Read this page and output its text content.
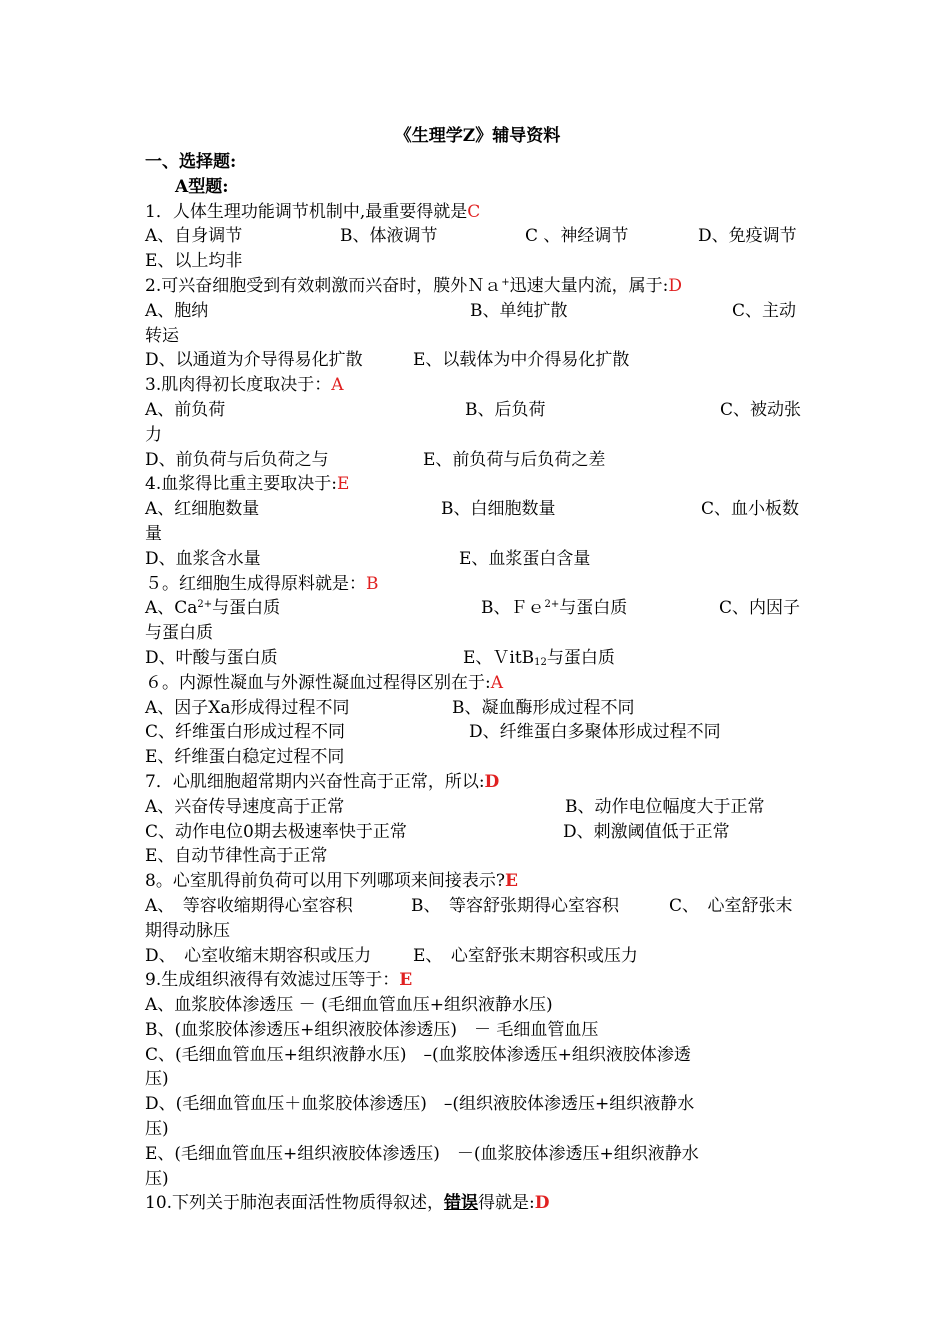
《生理学Z》辅导资料
一、选择题:
A型题:
1．人体生理功能调节机制中,最重要得就是C
A、自身调节	B、体液调节	C 、神经调节	D、免疫调节
E、以上均非
2.可兴奋细胞受到有效刺激而兴奋时，膜外Ｎａ+迅速大量内流，属于:D
A、胞纳	B、单纯扩散	C、主动
转运
D、以通道为介导得易化扩散	E、以载体为中介得易化扩散
3.肌肉得初长度取决于：A
A、前负荷	B、后负荷	C、被动张
力
D、前负荷与后负荷之与	E、前负荷与后负荷之差
4.血浆得比重主要取决于:E
A、红细胞数量	B、白细胞数量	C、血小板数
量
D、血浆含水量	E、血浆蛋白含量
５。红细胞生成得原料就是：B
A、$Ca^{2+}$与蛋白质	B、Ｆｅ$^{2+}$与蛋白质	C、内因子
与蛋白质
D、叶酸与蛋白质	E、ＶitB$_{12}$与蛋白质
６。内源性凝血与外源性凝血过程得区别在于:A
A、因子Xa形成得过程不同	B、凝血酶形成过程不同
C、纤维蛋白形成过程不同	D、纤维蛋白多聚体形成过程不同
E、纤维蛋白稳定过程不同
7．心肌细胞超常期内兴奋性高于正常，所以:D
A、兴奋传导速度高于正常	B、动作电位幅度大于正常
C、动作电位0期去极速率快于正常	D、刺激阈值低于正常
E、自动节律性高于正常
8。心室肌得前负荷可以用下列哪项来间接表示?E
A、　等容收缩期得心室容积	B、　等容舒张期得心室容积	C、　心室舒张末
期得动脉压
D、　心室收缩末期容积或压力	E、　心室舒张末期容积或压力
9.生成组织液得有效滤过压等于：E
A、血浆胶体渗透压 － (毛细血管血压+组织液静水压)
B、(血浆胶体渗透压+组织液胶体渗透压)　－ 毛细血管血压
C、(毛细血管血压+组织液静水压)　–(血浆胶体渗透压+组织液胶体渗透
压)
D、(毛细血管血压＋血浆胶体渗透压)　–(组织液胶体渗透压+组织液静水
压)
E、(毛细血管血压+组织液胶体渗透压)　－(血浆胶体渗透压+组织液静水
压)
10.下列关于肺泡表面活性物质得叙述，错误得就是:D
